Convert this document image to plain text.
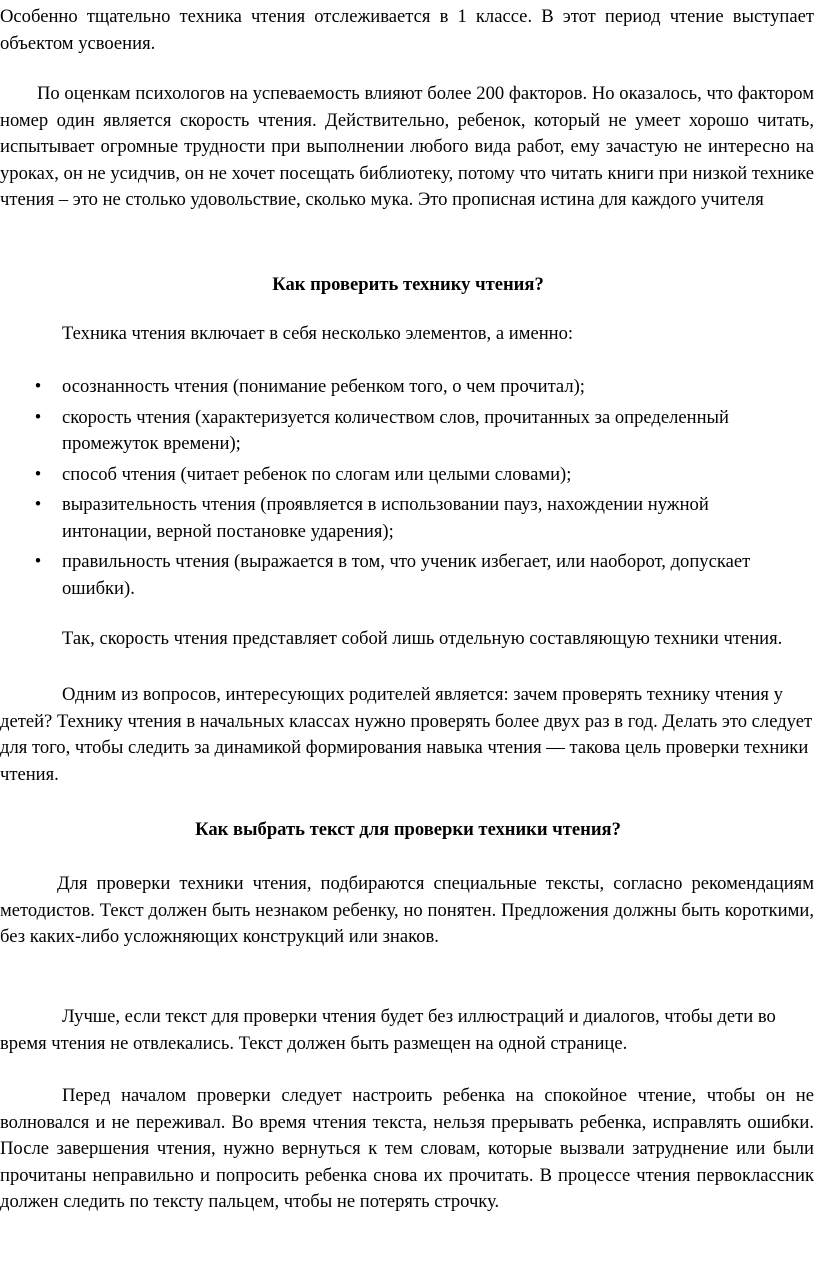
Особенно тщательно техника чтения отслеживается в 1 классе. В этот период чтение выступает объектом усвоения.

По оценкам психологов на успеваемость влияют более 200 факторов. Но оказалось, что фактором номер один является скорость чтения. Действительно, ребенок, который не умеет хорошо читать, испытывает огромные трудности при выполнении любого вида работ, ему зачастую не интересно на уроках, он не усидчив, он не хочет посещать библиотеку, потому что читать книги при низкой технике чтения – это не столько удовольствие, сколько мука. Это прописная истина для каждого учителя

Как проверить технику чтения?

Техника чтения включает в себя несколько элементов, а именно:

• осознанность чтения (понимание ребенком того, о чем прочитал);
• скорость чтения (характеризуется количеством слов, прочитанных за определенный промежуток времени);
• способ чтения (читает ребенок по слогам или целыми словами);
• выразительность чтения (проявляется в использовании пауз, нахождении нужной интонации, верной постановке ударения);
• правильность чтения (выражается в том, что ученик избегает, или наоборот, допускает ошибки).

Так, скорость чтения представляет собой лишь отдельную составляющую техники чтения.

Одним из вопросов, интересующих родителей является: зачем проверять технику чтения у детей? Технику чтения в начальных классах нужно проверять более двух раз в год. Делать это следует для того, чтобы следить за динамикой формирования навыка чтения — такова цель проверки техники чтения.

Как выбрать текст для проверки техники чтения?

Для проверки техники чтения, подбираются специальные тексты, согласно рекомендациям методистов. Текст должен быть незнаком ребенку, но понятен. Предложения должны быть короткими, без каких-либо усложняющих конструкций или знаков.

Лучше, если текст для проверки чтения будет без иллюстраций и диалогов, чтобы дети во время чтения не отвлекались. Текст должен быть размещен на одной странице.

Перед началом проверки следует настроить ребенка на спокойное чтение, чтобы он не волновался и не переживал. Во время чтения текста, нельзя прерывать ребенка, исправлять ошибки. После завершения чтения, нужно вернуться к тем словам, которые вызвали затруднение или были прочитаны неправильно и попросить ребенка снова их прочитать. В процессе чтения первоклассник должен следить по тексту пальцем, чтобы не потерять строчку.
